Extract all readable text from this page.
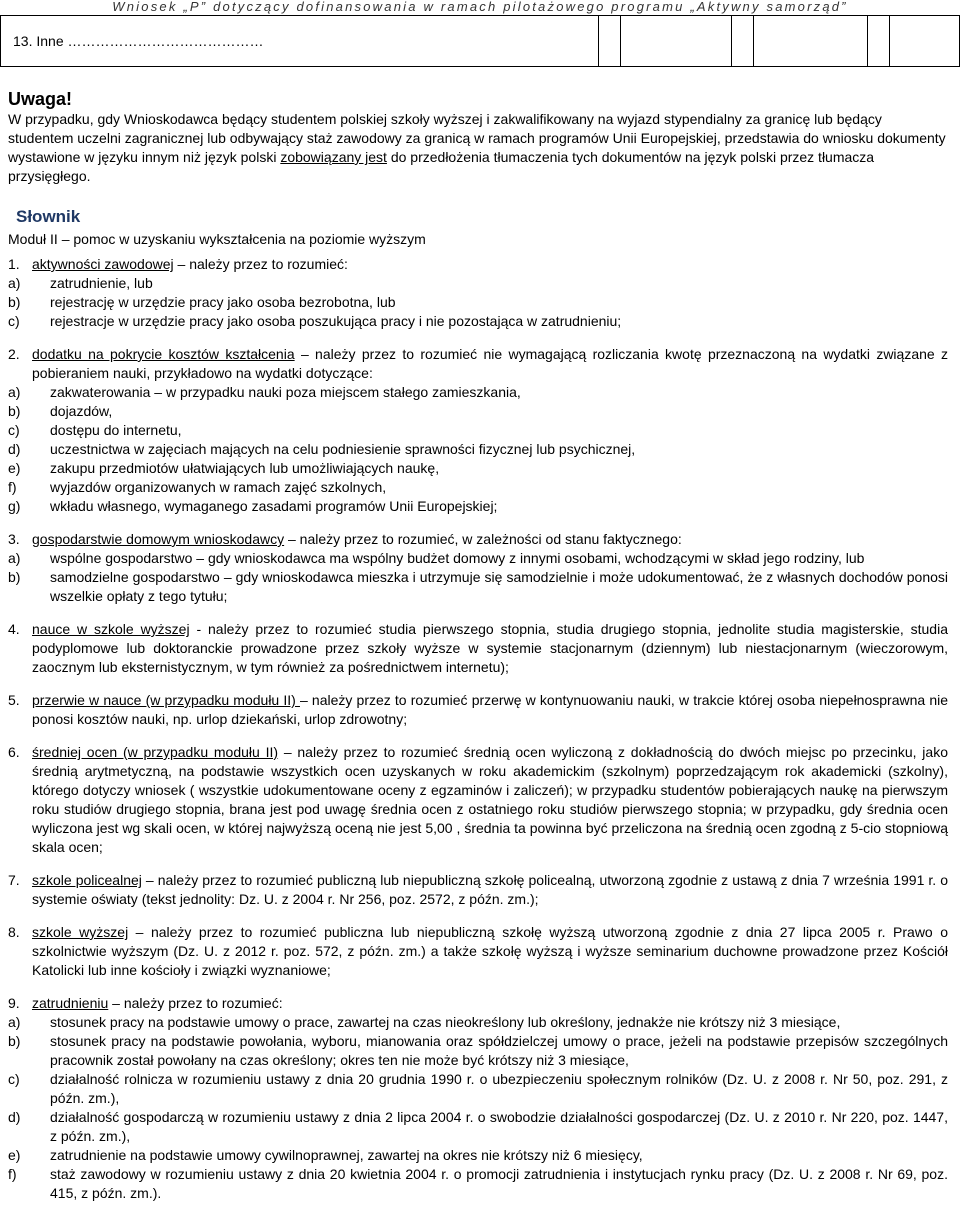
Wniosek „P” dotyczący dofinansowania w ramach pilotażowego programu „Aktywny samorząd”
13. Inne ……………………………………						

Uwaga!

W przypadku, gdy Wnioskodawca będący studentem polskiej szkoły wyższej i zakwalifikowany na wyjazd stypendialny za granicę lub będący studentem uczelni zagranicznej lub odbywający staż zawodowy za granicą w ramach programów Unii Europejskiej, przedstawia do wniosku dokumenty wystawione w języku innym niż język polski zobowiązany jest do przedłożenia tłumaczenia tych dokumentów na język polski przez tłumacza przysięgłego.

Słownik

Moduł II – pomoc w uzyskaniu wykształcenia na poziomie wyższym

1. aktywności zawodowej – należy przez to rozumieć:
a)	zatrudnienie, lub
b)	rejestrację w urzędzie pracy jako osoba bezrobotna, lub
c)	rejestracje w urzędzie pracy jako osoba poszukująca pracy i nie pozostająca w zatrudnieniu;
2. dodatku na pokrycie kosztów kształcenia – należy przez to rozumieć nie wymagającą rozliczania kwotę przeznaczoną na wydatki związane z pobieraniem nauki, przykładowo na wydatki dotyczące:
a)	zakwaterowania – w przypadku nauki poza miejscem stałego zamieszkania,
b)	dojazdów,
c)	dostępu do internetu,
d)	uczestnictwa w zajęciach mających na celu podniesienie sprawności fizycznej lub psychicznej,
e)	zakupu przedmiotów ułatwiających lub umożliwiających naukę,
f)	wyjazdów organizowanych w ramach zajęć szkolnych,
g)	wkładu własnego, wymaganego zasadami programów Unii Europejskiej;
3. gospodarstwie domowym wnioskodawcy – należy przez to rozumieć, w zależności od stanu faktycznego:
a)	wspólne gospodarstwo – gdy wnioskodawca ma wspólny budżet domowy z innymi osobami, wchodzącymi w skład jego rodziny, lub
b)	samodzielne gospodarstwo – gdy wnioskodawca mieszka i utrzymuje się samodzielnie i może udokumentować, że z własnych dochodów ponosi wszelkie opłaty z tego tytułu;
4. nauce w szkole wyższej - należy przez to rozumieć studia pierwszego stopnia, studia drugiego stopnia, jednolite studia magisterskie, studia podyplomowe lub doktoranckie prowadzone przez szkoły wyższe w systemie stacjonarnym (dziennym) lub niestacjonarnym (wieczorowym, zaocznym lub eksternistycznym, w tym również za pośrednictwem internetu);
5. przerwie w nauce (w przypadku modułu II) – należy przez to rozumieć przerwę w kontynuowaniu nauki, w trakcie której osoba niepełnosprawna nie ponosi kosztów nauki, np. urlop dziekański, urlop zdrowotny;
6. średniej ocen (w przypadku modułu II) – należy przez to rozumieć średnią ocen wyliczoną z dokładnością do dwóch miejsc po przecinku, jako średnią arytmetyczną, na podstawie wszystkich ocen uzyskanych w roku akademickim (szkolnym) poprzedzającym rok akademicki (szkolny), którego dotyczy wniosek ( wszystkie udokumentowane oceny z egzaminów i zaliczeń); w przypadku studentów pobierających naukę na pierwszym roku studiów drugiego stopnia, brana jest pod uwagę średnia ocen z ostatniego roku studiów pierwszego stopnia; w przypadku, gdy średnia ocen wyliczona jest wg skali ocen, w której najwyższą oceną nie jest 5,00 , średnia ta powinna być przeliczona na średnią ocen zgodną z 5-cio stopniową skala ocen;
7. szkole policealnej – należy przez to rozumieć publiczną lub niepubliczną szkołę policealną, utworzoną zgodnie z ustawą z dnia 7 września 1991 r. o systemie oświaty (tekst jednolity: Dz. U. z 2004 r. Nr 256, poz. 2572, z późn. zm.);
8. szkole wyższej – należy przez to rozumieć publiczna lub niepubliczną szkołę wyższą utworzoną zgodnie z dnia 27 lipca 2005 r. Prawo o szkolnictwie wyższym (Dz. U. z 2012 r. poz. 572, z późn. zm.) a także szkołę wyższą i wyższe seminarium duchowne prowadzone przez Kościół Katolicki lub inne kościoły i związki wyznaniowe;
9. zatrudnieniu – należy przez to rozumieć:
a)	stosunek pracy na podstawie umowy o prace, zawartej na czas nieokreślony lub określony, jednakże nie krótszy niż 3 miesiące,
b)	stosunek pracy na podstawie powołania, wyboru, mianowania oraz spółdzielczej umowy o prace, jeżeli na podstawie przepisów szczególnych pracownik został powołany na czas określony; okres ten nie może być krótszy niż 3 miesiące,
c)	działalność rolnicza w rozumieniu ustawy z dnia 20 grudnia 1990 r. o ubezpieczeniu społecznym rolników (Dz. U. z 2008 r. Nr 50, poz. 291, z późn. zm.),
d)	działalność gospodarczą w rozumieniu ustawy z dnia 2 lipca 2004 r. o swobodzie działalności gospodarczej (Dz. U. z 2010 r. Nr 220, poz. 1447, z późn. zm.),
e)	zatrudnienie na podstawie umowy cywilnoprawnej, zawartej na okres nie krótszy niż 6 miesięcy,
f)	staż zawodowy w rozumieniu ustawy z dnia 20 kwietnia 2004 r. o promocji zatrudnienia i instytucjach rynku pracy (Dz. U. z 2008 r. Nr 69, poz. 415, z późn. zm.).
